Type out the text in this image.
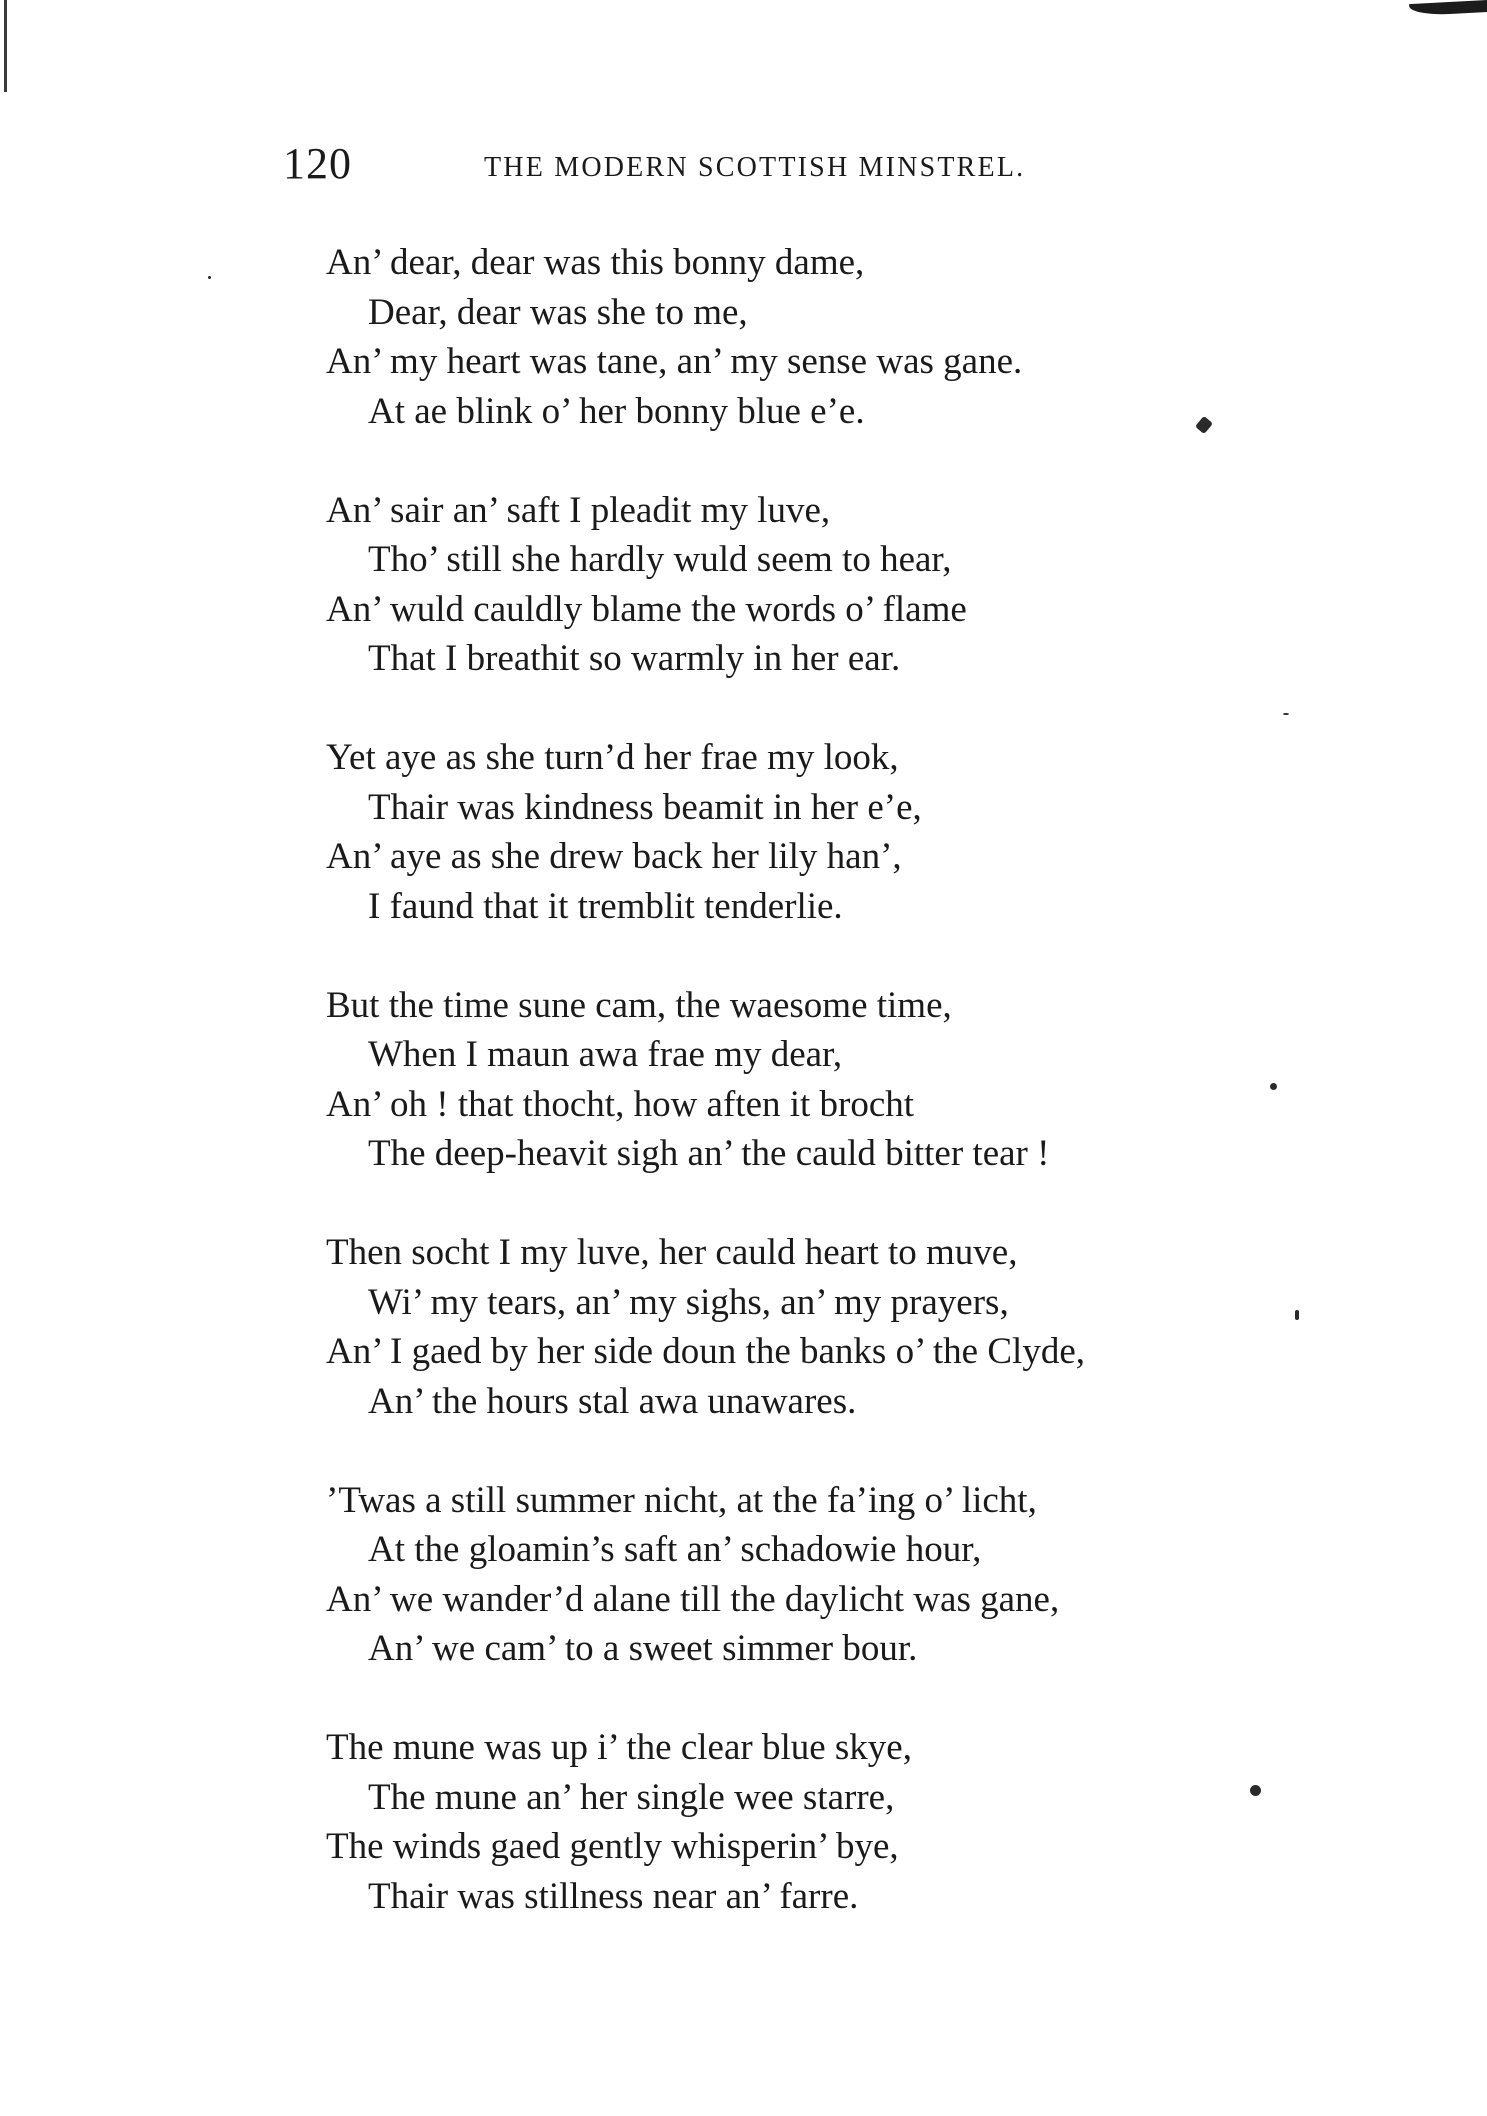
120	THE MODERN SCOTTISH MINSTREL.
An’ dear, dear was this bonny dame,
Dear, dear was she to me,
An’ my heart was tane, an’ my sense was gane.
At ae blink o’ her bonny blue e’e.
An’ sair an’ saft I pleadit my luve,
Tho’ still she hardly wuld seem to hear,
An’ wuld cauldly blame the words o’ flame
That I breathit so warmly in her ear.
Yet aye as she turn’d her frae my look,
Thair was kindness beamit in her e’e,
An’ aye as she drew back her lily han’,
I faund that it tremblit tenderlie.
But the time sune cam, the waesome time,
When I maun awa frae my dear,
An’ oh ! that thocht, how aften it brocht
The deep-heavit sigh an’ the cauld bitter tear !
Then socht I my luve, her cauld heart to muve,
Wi’ my tears, an’ my sighs, an’ my prayers,
An’ I gaed by her side doun the banks o’ the Clyde,
An’ the hours stal awa unawares.
’Twas a still summer nicht, at the fa’ing o’ licht,
At the gloamin’s saft an’ schadowie hour,
An’ we wander’d alane till the daylicht was gane,
An’ we cam’ to a sweet simmer bour.
The mune was up i’ the clear blue skye,
The mune an’ her single wee starre,
The winds gaed gently whisperin’ bye,
Thair was stillness near an’ farre.
